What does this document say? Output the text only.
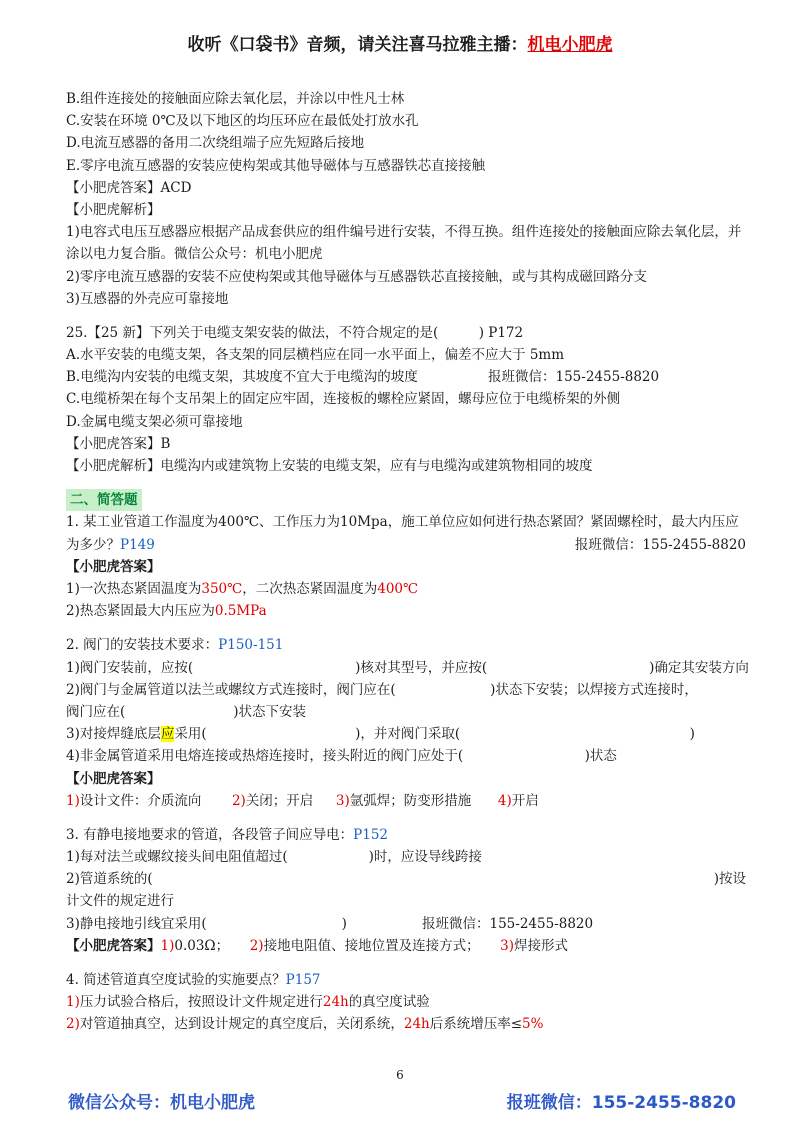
收听《口袋书》音频，请关注喜马拉雅主播：机电小肥虎
B.组件连接处的接触面应除去氧化层，并涂以中性凡士林
C.安装在环境 0℃及以下地区的均压环应在最低处打放水孔
D.电流互感器的备用二次绕组端子应先短路后接地
E.零序电流互感器的安装应使构架或其他导磁体与互感器铁芯直接接触
【小肥虎答案】ACD
【小肥虎解析】
1)电容式电压互感器应根据产品成套供应的组件编号进行安装，不得互换。组件连接处的接触面应除去氧化层，并涂以电力复合脂。微信公众号：机电小肥虎
2)零序电流互感器的安装不应使构架或其他导磁体与互感器铁芯直接接触，或与其构成磁回路分支
3)互感器的外壳应可靠接地
25.【25 新】下列关于电缆支架安装的做法，不符合规定的是(　　　) P172
A.水平安装的电缆支架，各支架的同层横档应在同一水平面上，偏差不应大于 5mm
B.电缆沟内安装的电缆支架，其坡度不宜大于电缆沟的坡度	报班微信：155-2455-8820
C.电缆桥架在每个支吊架上的固定应牢固，连接板的螺栓应紧固，螺母应位于电缆桥架的外侧
D.金属电缆支架必须可靠接地
【小肥虎答案】B
【小肥虎解析】电缆沟内或建筑物上安装的电缆支架，应有与电缆沟或建筑物相同的坡度
二、简答题
1. 某工业管道工作温度为400℃、工作压力为10Mpa，施工单位应如何进行热态紧固？紧固螺栓时，最大内压应为多少？P149	报班微信：155-2455-8820
【小肥虎答案】
1)一次热态紧固温度为350℃，二次热态紧固温度为400℃
2)热态紧固最大内压应为0.5MPa
2. 阀门的安装技术要求：P150-151
1)阀门安装前，应按(　　　　　　　　　　　　)核对其型号，并应按(　　　　　　　　　　　　)确定其安装方向
2)阀门与金属管道以法兰或螺纹方式连接时，阀门应在(　　　　　　　)状态下安装；以焊接方式连接时，
阀门应在(　　　　　　　　)状态下安装
3)对接焊缝底层应采用(　　　　　　　　　　　)，并对阀门采取(　　　　　　　　　　　　　　　　　)
4)非金属管道采用电熔连接或热熔连接时，接头附近的阀门应处于(　　　　　　　　　)状态
【小肥虎答案】
1)设计文件：介质流向 2)关闭；开启 3)氩弧焊；防变形措施 4)开启
3. 有静电接地要求的管道，各段管子间应导电：P152
1)每对法兰或螺纹接头间电阻值超过(　　　　　　)时，应设导线跨接
2)管道系统的(	)按设
计文件的规定进行
3)静电接地引线宜采用(　　　　　　　　　　)	报班微信：155-2455-8820
【小肥虎答案】1)0.03Ω； 2)接地电阻值、接地位置及连接方式； 3)焊接形式
4. 简述管道真空度试验的实施要点？P157
1)压力试验合格后，按照设计文件规定进行24h的真空度试验
2)对管道抽真空，达到设计规定的真空度后，关闭系统，24h后系统增压率≤5%
6
微信公众号：机电小肥虎	报班微信：155-2455-8820
